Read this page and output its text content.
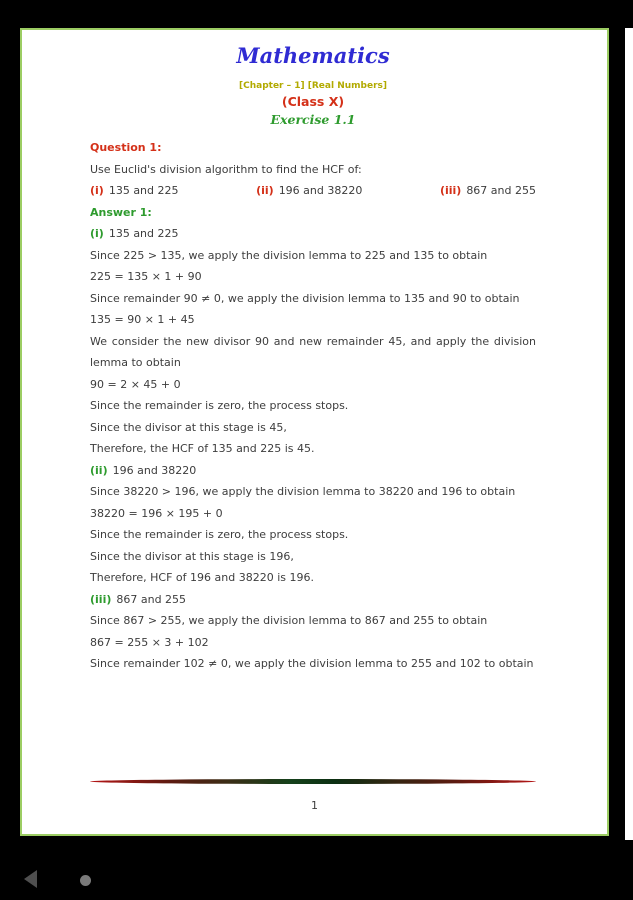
Mathematics
[Chapter – 1] [Real Numbers]
(Class X)
Exercise 1.1

Question 1:

Use Euclid's division algorithm to find the HCF of:

(i) 135 and 225	(ii) 196 and 38220	(iii) 867 and 255

Answer 1:

(i) 135 and 225

Since 225 > 135, we apply the division lemma to 225 and 135 to obtain

225 = 135 × 1 + 90

Since remainder 90 ≠ 0, we apply the division lemma to 135 and 90 to obtain

135 = 90 × 1 + 45

We consider the new divisor 90 and new remainder 45, and apply the division lemma to obtain

90 = 2 × 45 + 0

Since the remainder is zero, the process stops.

Since the divisor at this stage is 45,

Therefore, the HCF of 135 and 225 is 45.

(ii) 196 and 38220

Since 38220 > 196, we apply the division lemma to 38220 and 196 to obtain

38220 = 196 × 195 + 0

Since the remainder is zero, the process stops.

Since the divisor at this stage is 196,

Therefore, HCF of 196 and 38220 is 196.

(iii) 867 and 255

Since 867 > 255, we apply the division lemma to 867 and 255 to obtain

867 = 255 × 3 + 102

Since remainder 102 ≠ 0, we apply the division lemma to 255 and 102 to obtain

1
